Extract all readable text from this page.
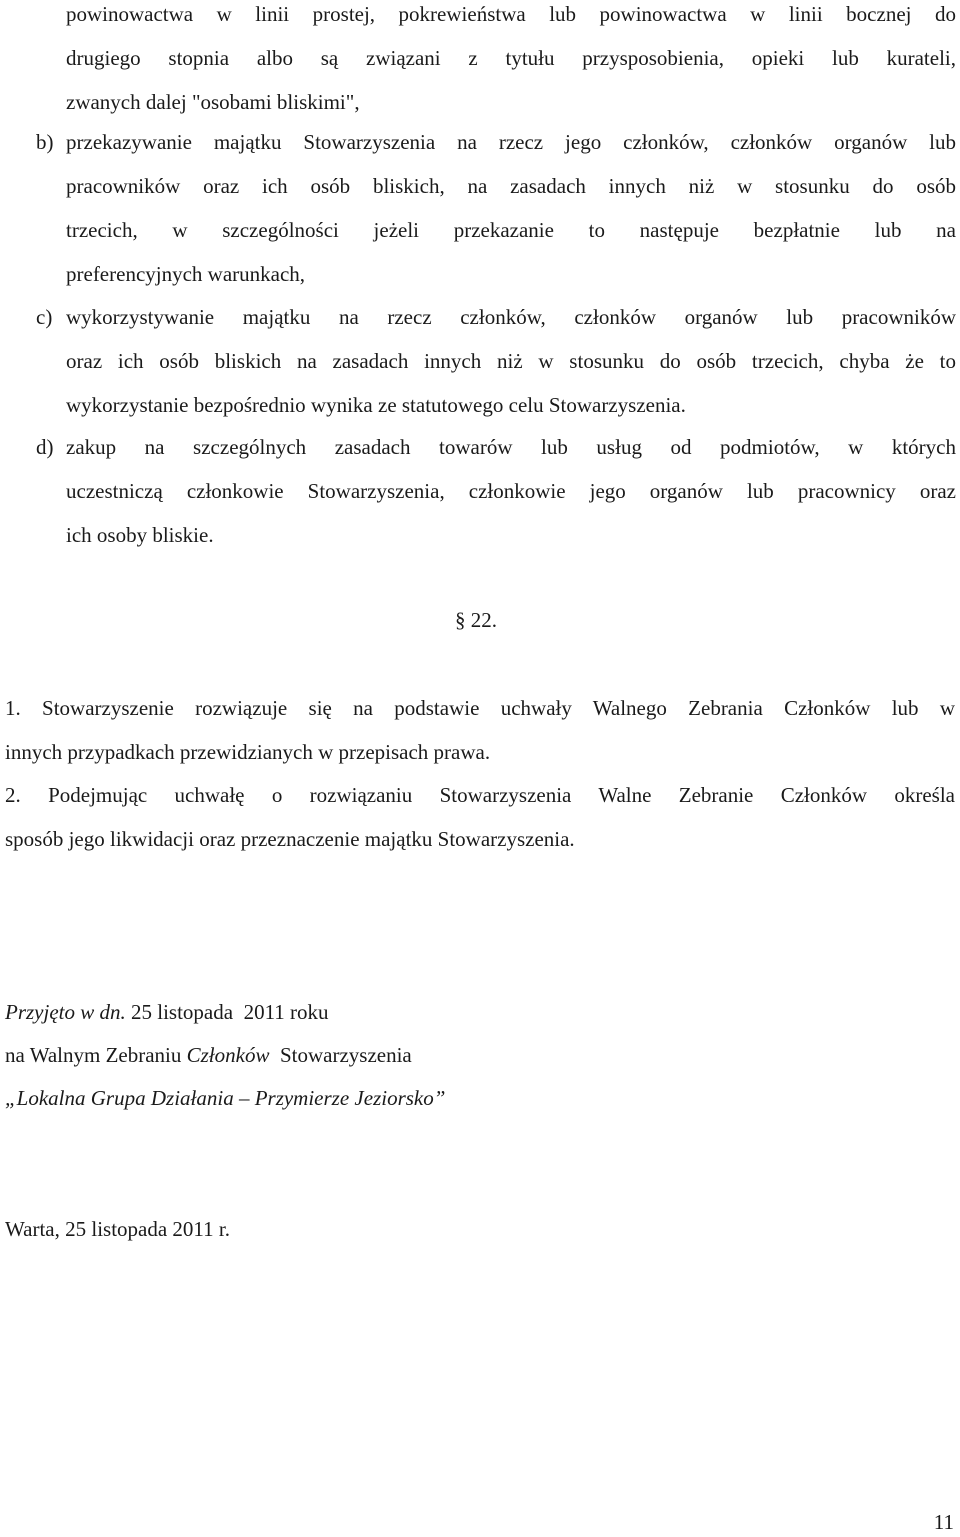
powinowactwa w linii prostej, pokrewieństwa lub powinowactwa w linii bocznej do
drugiego stopnia albo są związani z tytułu przysposobienia, opieki lub kurateli,
zwanych dalej "osobami bliskimi",
b) przekazywanie majątku Stowarzyszenia na rzecz jego członków, członków organów lub
pracowników oraz ich osób bliskich, na zasadach innych niż w stosunku do osób
trzecich, w szczególności jeżeli przekazanie to następuje bezpłatnie lub na
preferencyjnych warunkach,
c) wykorzystywanie majątku na rzecz członków, członków organów lub pracowników
oraz ich osób bliskich na zasadach innych niż w stosunku do osób trzecich, chyba że to
wykorzystanie bezpośrednio wynika ze statutowego celu Stowarzyszenia.
d) zakup na szczególnych zasadach towarów lub usług od podmiotów, w których
uczestniczą członkowie Stowarzyszenia, członkowie jego organów lub pracownicy oraz
ich osoby bliskie.
§ 22.
1. Stowarzyszenie rozwiązuje się na podstawie uchwały Walnego Zebrania Członków lub w
innych przypadkach przewidzianych w przepisach prawa.
2. Podejmując uchwałę o rozwiązaniu Stowarzyszenia Walne Zebranie Członków określa
sposób jego likwidacji oraz przeznaczenie majątku Stowarzyszenia.
Przyjęto w dn. 25 listopada  2011 roku
na Walnym Zebraniu Członków  Stowarzyszenia
„Lokalna Grupa Działania – Przymierze Jeziorsko”
Warta, 25 listopada 2011 r.
11
